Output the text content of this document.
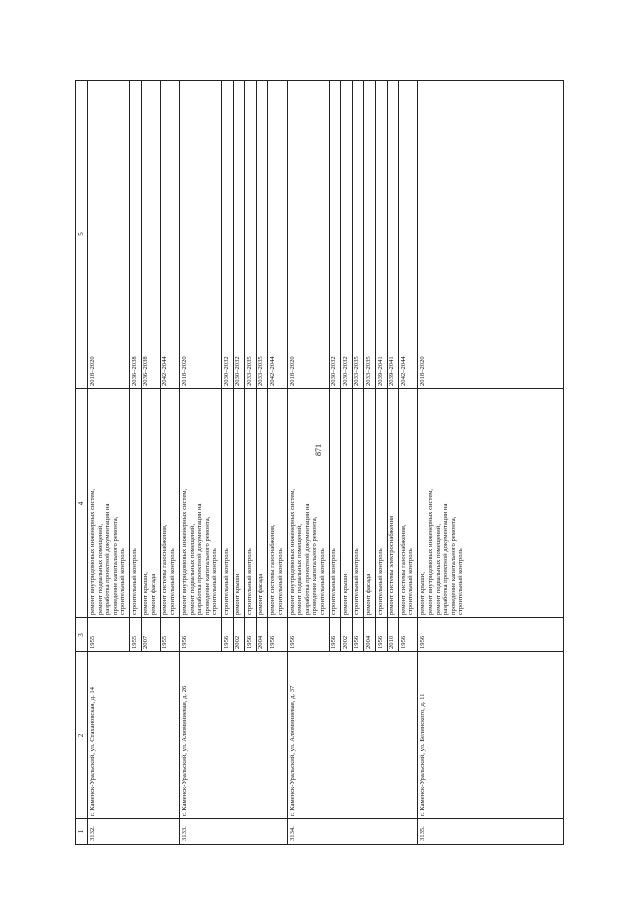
871
1
2
3
4
5
3132.
г. Каменск-Уральский, ул. Стахановская, д. 14
1955
ремонт внутридомовых инженерных систем, ремонт подвальных помещений, разработка проектной документации на проведение капитального ремонта, строительный контроль
2018–2020
1955
строительный контроль
2036–2038
2007
ремонт крыши, ремонт фасада
2036–2038
1955
ремонт системы газоснабжения, строительный контроль
2042–2044
3133.
г. Каменск-Уральский, ул. Алюминиевая, д. 26
1956
ремонт внутридомовых инженерных систем, ремонт подвальных помещений, разработка проектной документации на проведение капитального ремонта, строительный контроль
2018–2020
1956
строительный контроль
2030–2032
2002
ремонт крыши
2030–2032
1956
строительный контроль
2033–2035
2004
ремонт фасада
2033–2035
1956
ремонт системы газоснабжения, строительный контроль
2042–2044
3134.
г. Каменск-Уральский, ул. Алюминиевая, д. 37
1956
ремонт внутридомовых инженерных систем, ремонт подвальных помещений, разработка проектной документации на проведение капитального ремонта, строительный контроль
2018–2020
1956
строительный контроль
2030–2032
2002
ремонт крыши
2030–2032
1956
строительный контроль
2033–2035
2004
ремонт фасада
2033–2035
1956
строительный контроль
2039–2041
2010
ремонт системы электроснабжения
2039–2041
1956
ремонт системы газоснабжения, строительный контроль
2042–2044
3135.
г. Каменск-Уральский, ул. Белинского, д. 11
1956
ремонт крыши, ремонт внутридомовых инженерных систем, ремонт подвальных помещений, разработка проектной документации на проведение капитального ремонта, строительный контроль
2018–2020
